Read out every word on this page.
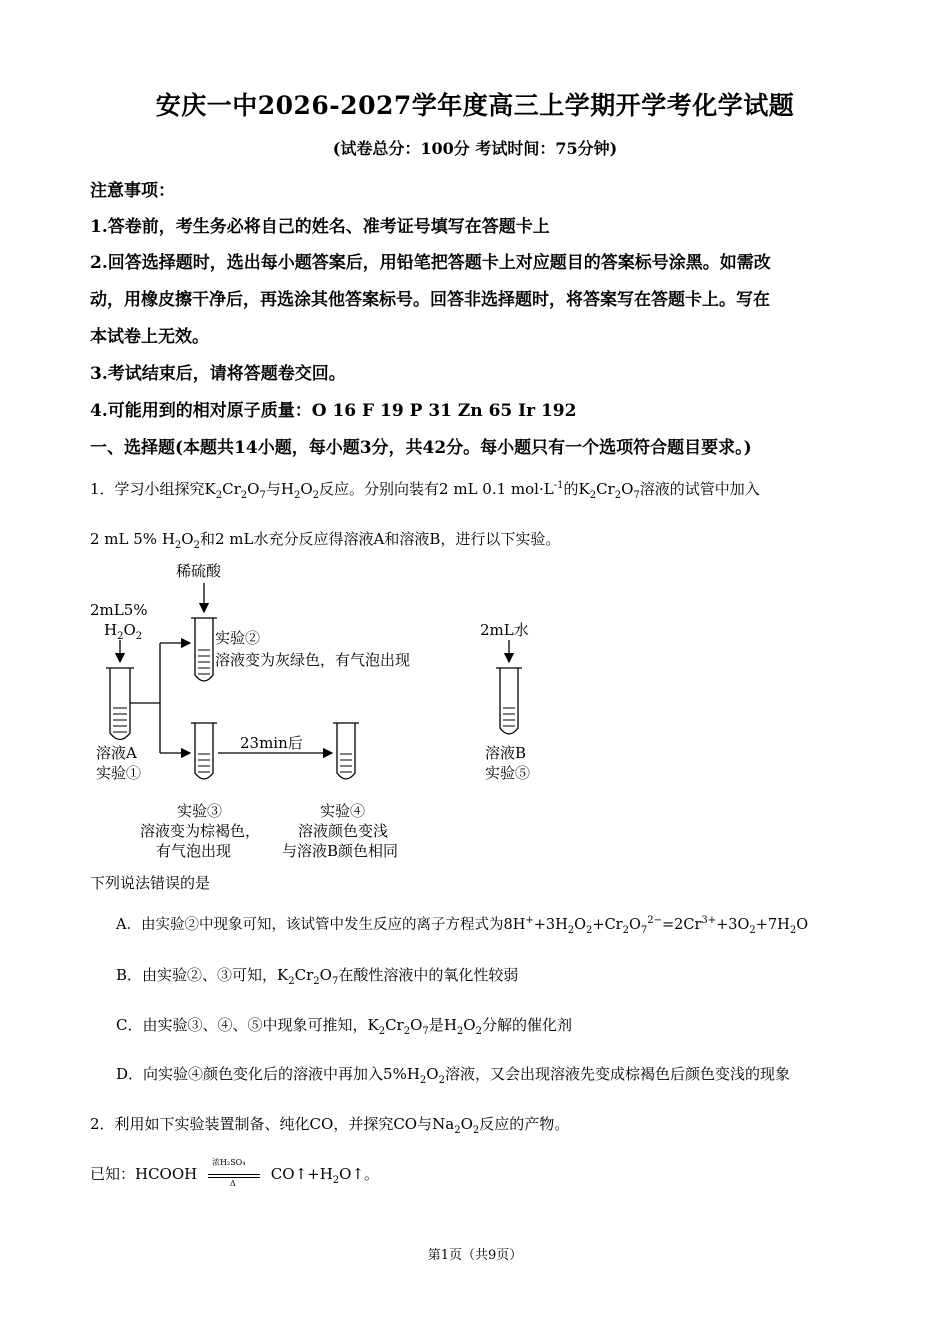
安庆一中2026-2027学年度高三上学期开学考化学试题
(试卷总分：100分 考试时间：75分钟)
注意事项：
1.答卷前，考生务必将自己的姓名、准考证号填写在答题卡上
2.回答选择题时，选出每小题答案后，用铅笔把答题卡上对应题目的答案标号涂黑。如需改
动，用橡皮擦干净后，再选涂其他答案标号。回答非选择题时，将答案写在答题卡上。写在
本试卷上无效。
3.考试结束后，请将答题卷交回。
4.可能用到的相对原子质量：O 16 F 19 P 31 Zn 65 Ir 192
一、选择题(本题共14小题，每小题3分，共42分。每小题只有一个选项符合题目要求。)
1．学习小组探究$K_2Cr_2O_7$与$H_2O_2$反应。分别向装有2 mL 0.1 $mol\cdot L^{-1}$的$K_2Cr_2O_7$溶液的试管中加入
2 mL 5% $H_2O_2$和2 mL水充分反应得溶液A和溶液B，进行以下实验。
稀硫酸
2mL5%
$H_2O_2$	2mL水
实验②
溶液变为灰绿色，有气泡出现
23min后
溶液A
实验①
溶液B
实验⑤
实验③
溶液变为棕褐色，
有气泡出现
实验④
溶液颜色变浅
与溶液B颜色相同
下列说法错误的是
A．由实验②中现象可知，该试管中发生反应的离子方程式为$8H^++3H_2O_2+Cr_2O_7^{2-}=2Cr^{3+}+3O_2+7H_2O$
B．由实验②、③可知，$K_2Cr_2O_7$在酸性溶液中的氧化性较弱
C．由实验③、④、⑤中现象可推知，$K_2Cr_2O_7$是$H_2O_2$分解的催化剂
D．向实验④颜色变化后的溶液中再加入$5\%H_2O_2$溶液，又会出现溶液先变成棕褐色后颜色变浅的现象
2．利用如下实验装置制备、纯化CO，并探究CO与$Na_2O_2$反应的产物。
已知：HCOOH
浓H₂SO₄
Δ
$CO↑+H_2O↑$。
第1页（共9页）
